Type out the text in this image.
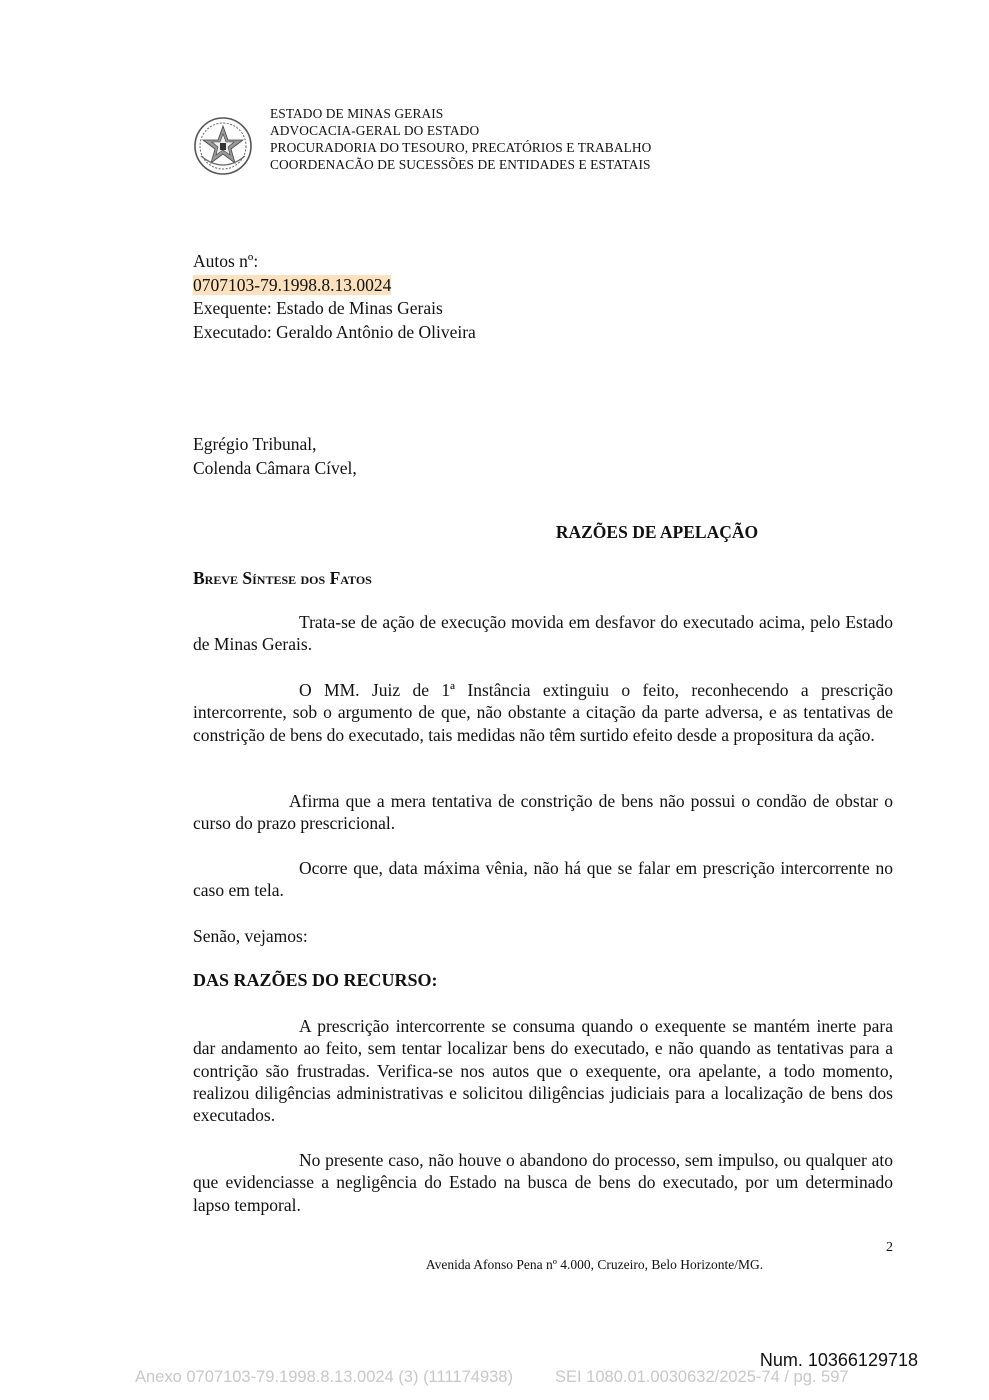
ESTADO DE MINAS GERAIS
ADVOCACIA-GERAL DO ESTADO
PROCURADORIA DO TESOURO, PRECATÓRIOS E TRABALHO
COORDENACÃO DE SUCESSÕES DE ENTIDADES E ESTATAIS
Autos nº:
0707103-79.1998.8.13.0024
Exequente: Estado de Minas Gerais
Executado: Geraldo Antônio de Oliveira
Egrégio Tribunal,
Colenda Câmara Cível,
RAZÕES DE APELAÇÃO
Breve Síntese dos Fatos
Trata-se de ação de execução movida em desfavor do executado acima, pelo Estado de Minas Gerais.
O MM. Juiz de 1ª Instância extinguiu o feito, reconhecendo a prescrição intercorrente, sob o argumento de que, não obstante a citação da parte adversa, e as tentativas de constrição de bens do executado, tais medidas não têm surtido efeito desde a propositura da ação.
Afirma que a mera tentativa de constrição de bens não possui o condão de obstar o curso do prazo prescricional.
Ocorre que, data máxima vênia, não há que se falar em prescrição intercorrente no caso em tela.
Senão, vejamos:
DAS RAZÕES DO RECURSO:
A prescrição intercorrente se consuma quando o exequente se mantém inerte para dar andamento ao feito, sem tentar localizar bens do executado, e não quando as tentativas para a contrição são frustradas. Verifica-se nos autos que o exequente, ora apelante, a todo momento, realizou diligências administrativas e solicitou diligências judiciais para a localização de bens dos executados.
No presente caso, não houve o abandono do processo, sem impulso, ou qualquer ato que evidenciasse a negligência do Estado na busca de bens do executado, por um determinado lapso temporal.
2
Avenida Afonso Pena nº 4.000, Cruzeiro, Belo Horizonte/MG.
Num. 10366129718
Anexo 0707103-79.1998.8.13.0024 (3) (111174938)	SEI 1080.01.0030632/2025-74 / pg. 597
